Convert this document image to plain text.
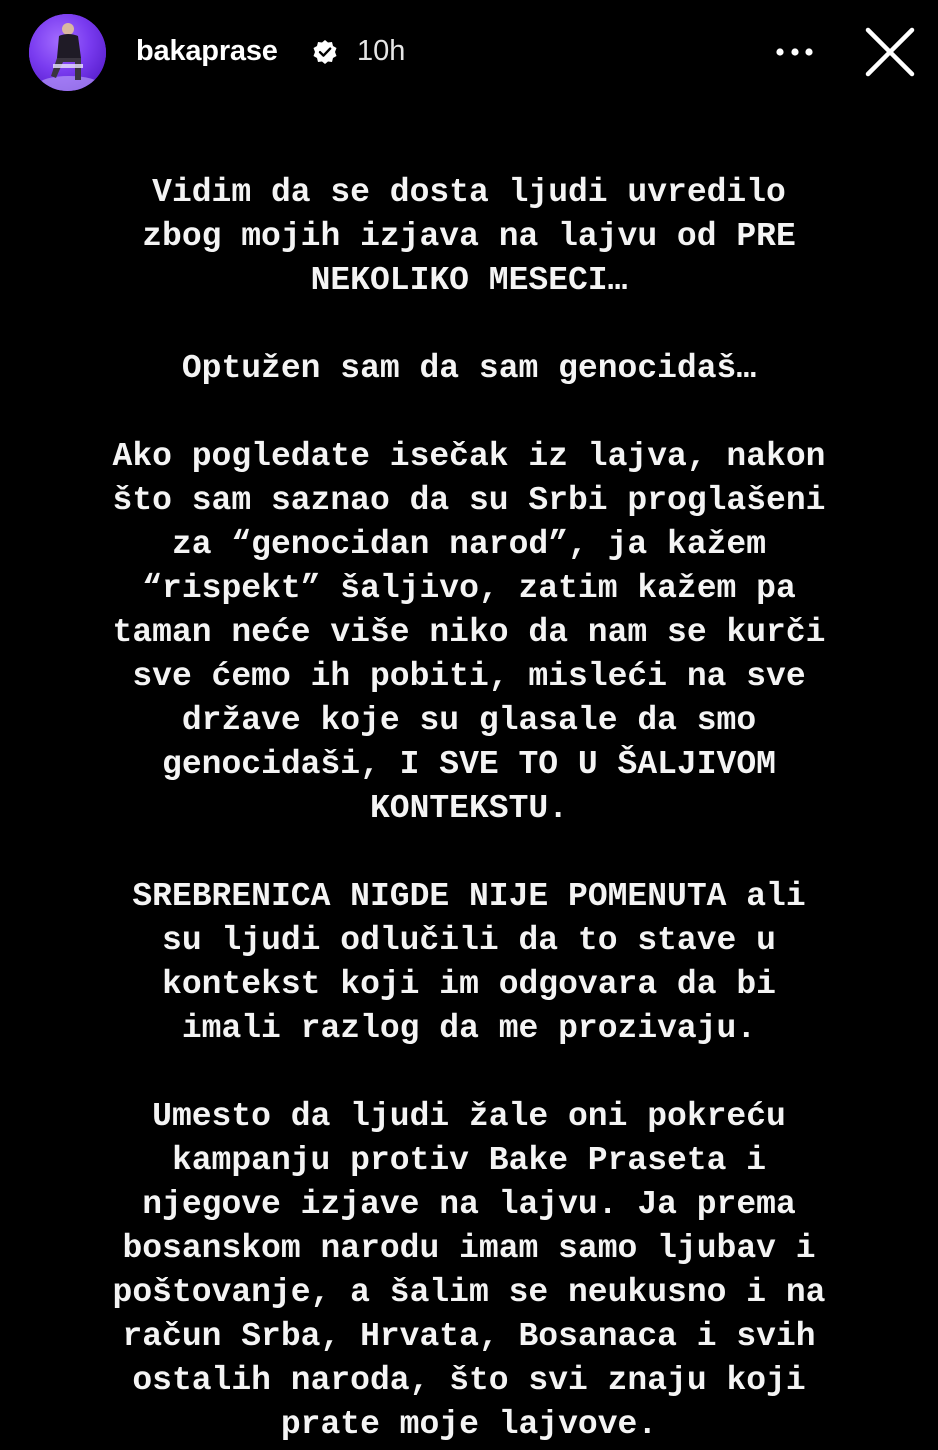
bakaprase	10h
Vidim da se dosta ljudi uvredilo
zbog mojih izjava na lajvu od PRE
NEKOLIKO MESECI…
Optužen sam da sam genocidaš…
Ako pogledate isečak iz lajva, nakon
što sam saznao da su Srbi proglašeni
za “genocidan narod”, ja kažem
“rispekt” šaljivo, zatim kažem pa
taman neće više niko da nam se kurči
sve ćemo ih pobiti, misleći na sve
države koje su glasale da smo
genocidaši, I SVE TO U ŠALJIVOM
KONTEKSTU.
SREBRENICA NIGDE NIJE POMENUTA ali
su ljudi odlučili da to stave u
kontekst koji im odgovara da bi
imali razlog da me prozivaju.
Umesto da ljudi žale oni pokreću
kampanju protiv Bake Praseta i
njegove izjave na lajvu. Ja prema
bosanskom narodu imam samo ljubav i
poštovanje, a šalim se neukusno i na
račun Srba, Hrvata, Bosanaca i svih
ostalih naroda, što svi znaju koji
prate moje lajvove.
